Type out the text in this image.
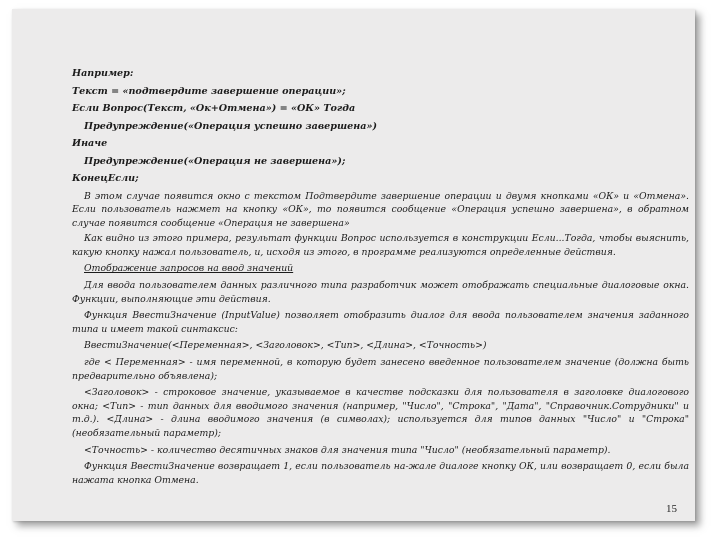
Например:

Текст = «подтвердите завершение операции»;

Если Вопрос(Текст, «Ок+Отмена») = «ОК» Тогда

Предупреждение(«Операция успешно завершена»)

Иначе

Предупреждение(«Операция не завершена»);

КонецЕсли;

В этом случае появится окно с текстом Подтвердите завершение операции и двумя кнопками «ОК» и «Отмена». Если пользователь нажмет на кнопку «ОК», то появится сообщение «Операция успешно завершена», в обратном случае появится сообщение «Операция не завершена»

Как видно из этого примера, результат функции Вопрос используется в конструкции Если...Тогда, чтобы выяснить, какую кнопку нажал пользователь, и, исходя из этого, в программе реализуются определенные действия.

Отображение запросов на ввод значений

Для ввода пользователем данных различного типа разработчик может отображать специальные диалоговые окна. Функции, выполняющие эти действия.

Функция ВвестиЗначение (InputValue) позволяет отобразить диалог для ввода пользователем значения заданного типа и имеет такой синтаксис:

ВвестиЗначение(<Переменная>, <Заголовок>, <Тип>, <Длина>, <Точность>)

где < Переменная> - имя переменной, в которую будет занесено введенное пользователем значение (должна быть предварительно объявлена);

<Заголовок> - строковое значение, указываемое в качестве подсказки для пользователя в заголовке диалогового окна; <Тип> - тип данных для вводимого значения (например, "Число", "Строка", "Дата", "Справочник.Сотрудники" и т.д.). <Длина> - длина вводимого значения (в символах); используется для типов данных "Число" и "Строка" (необязательный параметр);

<Точность> - количество десятичных знаков для значения типа "Число" (необязательный параметр).

Функция ВвестиЗначение возвращает 1, если пользователь на-жале диалоге кнопку ОК, или возвращает 0, если была нажата кнопка Отмена.

15
